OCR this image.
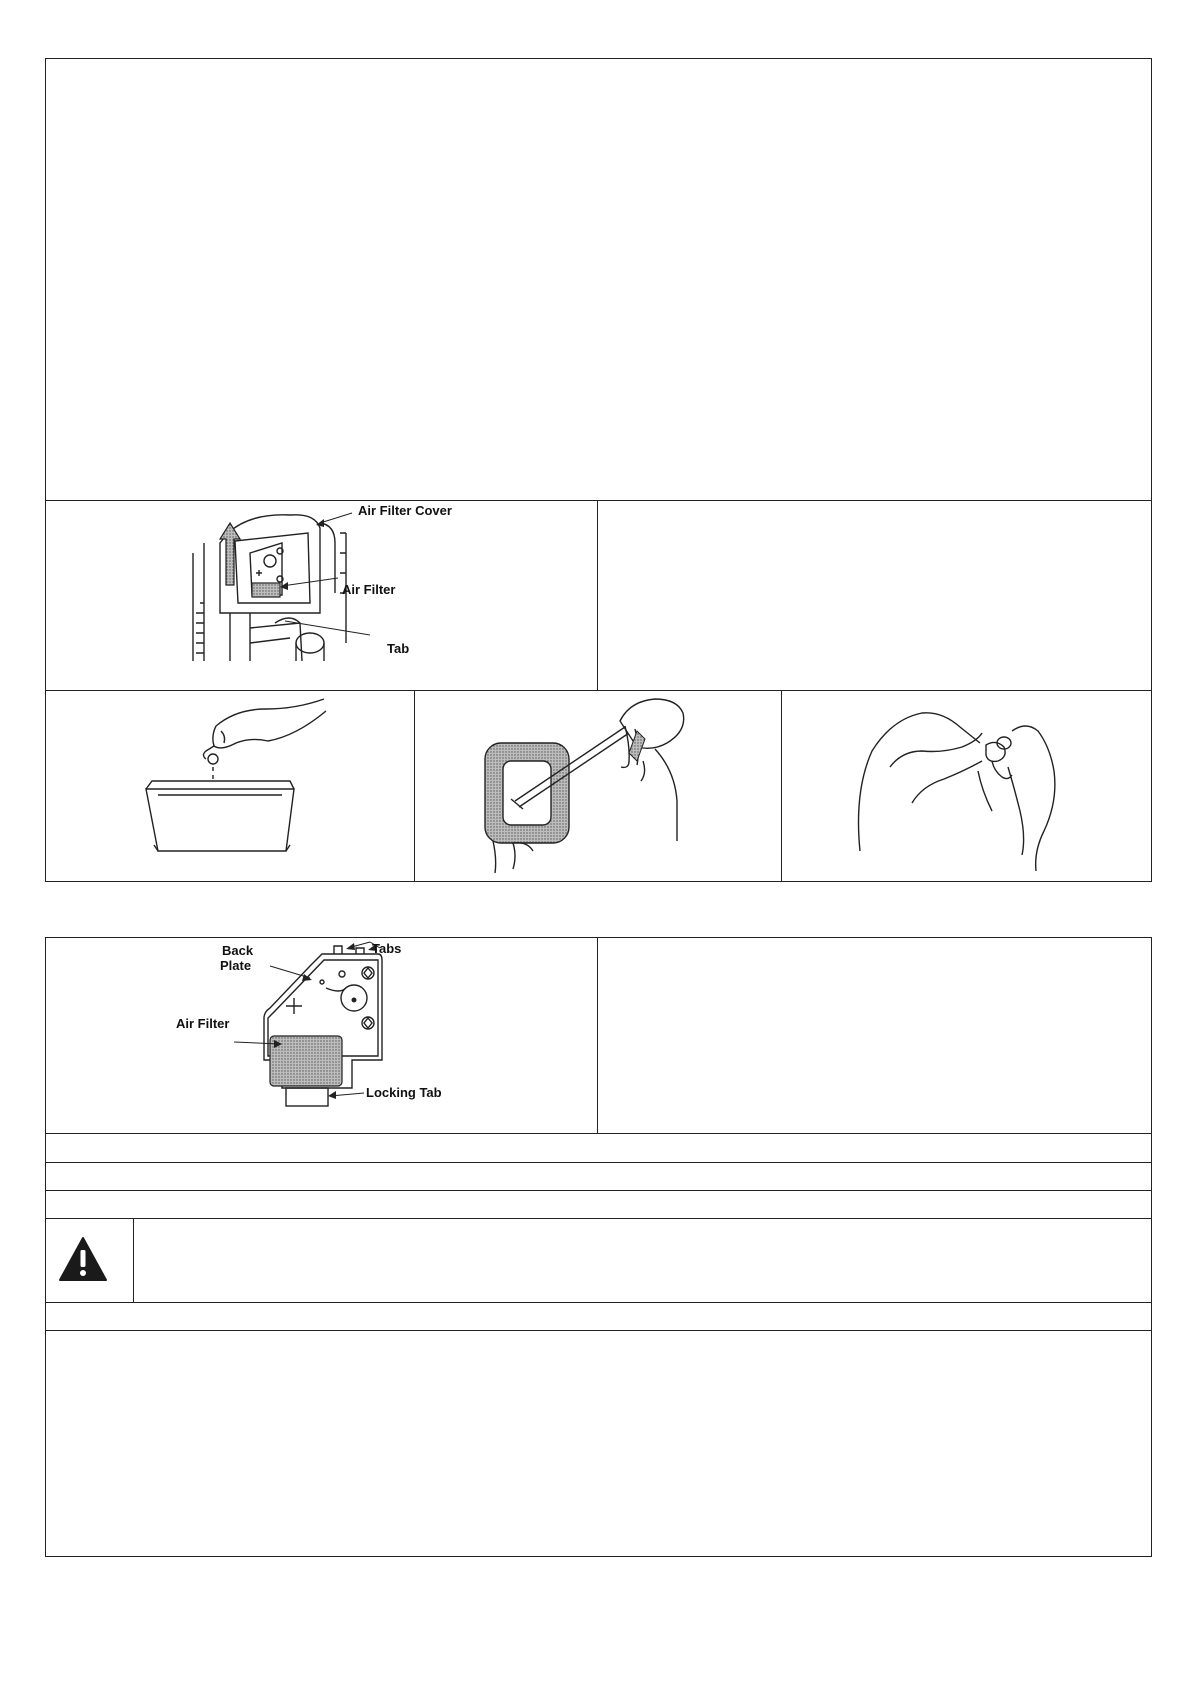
Air Filter Cover
Air Filter
Tab
Back
Plate
Tabs
Air Filter
Locking Tab
